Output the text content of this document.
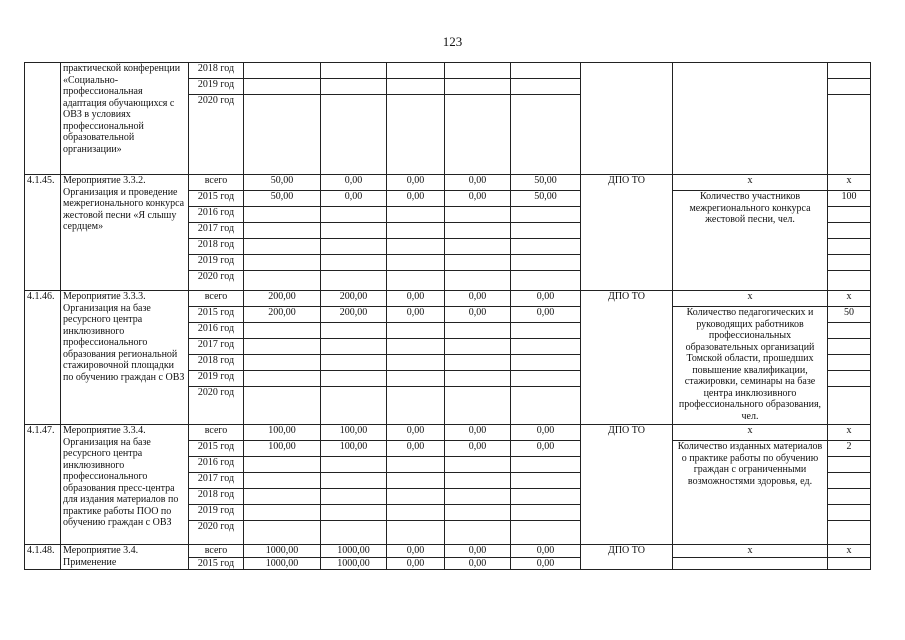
123
	практической конференции «Социально-профессиональная адаптация обучающихся с ОВЗ в условиях профессиональной образовательной организации»	2018 год								
		2019 год								
		2020 год								
4.1.45.	Мероприятие 3.3.2. Организация и проведение межрегионального конкурса жестовой песни «Я слышу сердцем»	всего	50,00	0,00	0,00	0,00	50,00	ДПО ТО	х	х
		2015 год	50,00	0,00	0,00	0,00	50,00		Количество участников межрегионального конкурса жестовой песни, чел.	100
		2016 год								
		2017 год								
		2018 год								
		2019 год								
		2020 год								
4.1.46.	Мероприятие 3.3.3. Организация на базе ресурсного центра инклюзивного профессионального образования региональной стажировочной площадки по обучению граждан с ОВЗ	всего	200,00	200,00	0,00	0,00	0,00	ДПО ТО	х	х
		2015 год	200,00	200,00	0,00	0,00	0,00		Количество педагогических и руководящих работников профессиональных образовательных организаций Томской области, прошедших повышение квалификации, стажировки, семинары на базе центра инклюзивного профессионального образования, чел.	50
		2016 год								
		2017 год								
		2018 год								
		2019 год								
		2020 год								
4.1.47.	Мероприятие 3.3.4. Организация на базе ресурсного центра инклюзивного профессионального образования пресс-центра для издания материалов по практике работы ПОО по обучению граждан с ОВЗ	всего	100,00	100,00	0,00	0,00	0,00	ДПО ТО	х	х
		2015 год	100,00	100,00	0,00	0,00	0,00		Количество изданных материалов о практике работы по обучению граждан с ограниченными возможностями здоровья, ед.	2
		2016 год								
		2017 год								
		2018 год								
		2019 год								
		2020 год								
4.1.48.	Мероприятие 3.4.
Применение	всего	1000,00	1000,00	0,00	0,00	0,00	ДПО ТО	х	х
		2015 год	1000,00	1000,00	0,00	0,00	0,00			
